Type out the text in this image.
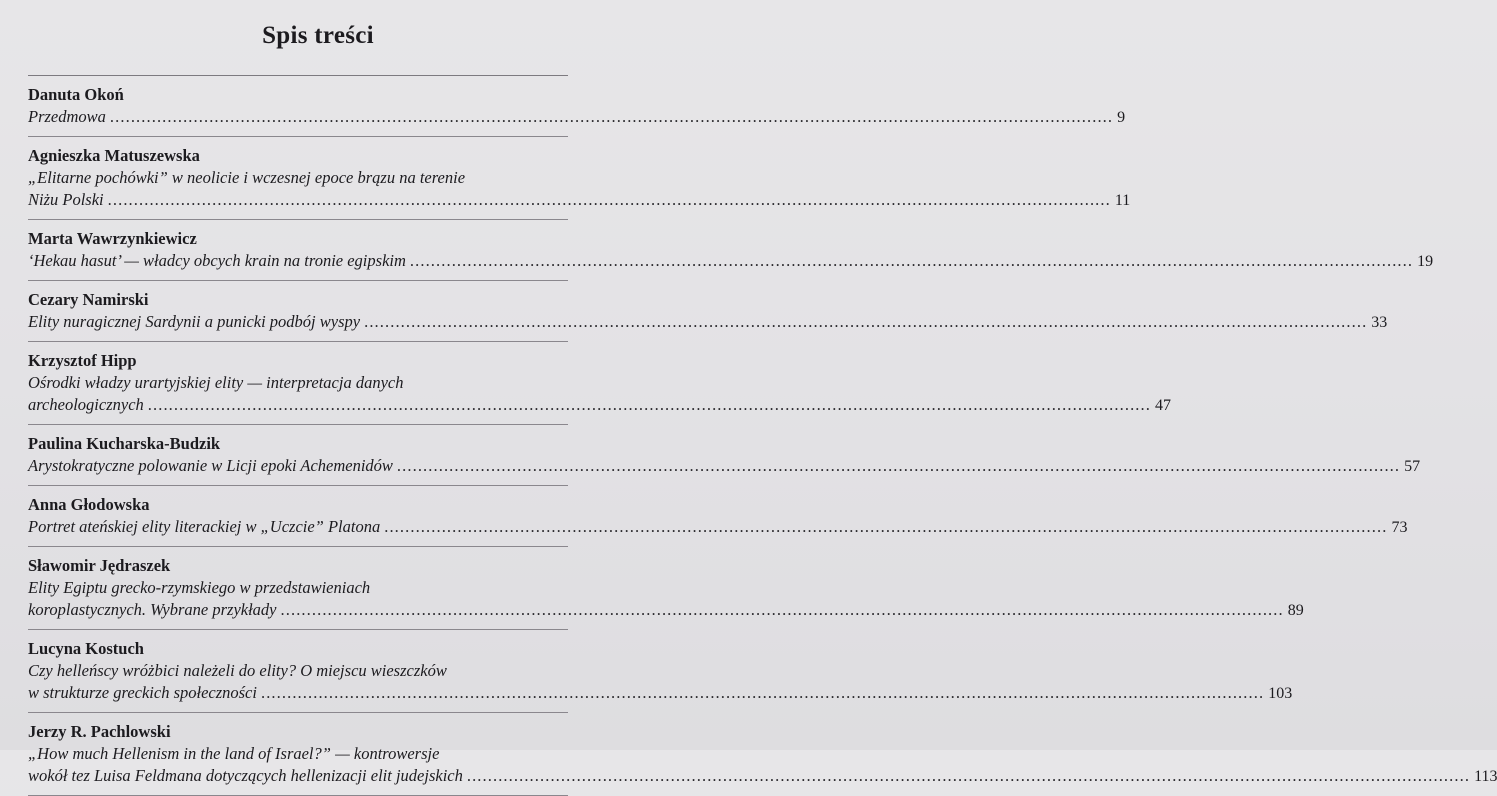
Spis treści
Danuta Okoń
Przedmowa .....	9
Agnieszka Matuszewska
„Elitarne pochówki” w neolicie i wczesnej epoce brązu na terenie
Niżu Polski .....	11
Marta Wawrzynkiewicz
‘Hekau hasut’ — władcy obcych krain na tronie egipskim .....	19
Cezary Namirski
Elity nuragicznej Sardynii a punicki podbój wyspy .....	33
Krzysztof Hipp
Ośrodki władzy urartyjskiej elity — interpretacja danych
archeologicznych .....	47
Paulina Kucharska-Budzik
Arystokratyczne polowanie w Licji epoki Achemenidów .....	57
Anna Głodowska
Portret ateńskiej elity literackiej w „Uczcie” Platona .....	73
Sławomir Jędraszek
Elity Egiptu grecko-rzymskiego w przedstawieniach
koroplastycznych. Wybrane przykłady .....	89
Lucyna Kostuch
Czy helleńscy wróżbici należeli do elity? O miejscu wieszczków
w strukturze greckich społeczności .....	103
Jerzy R. Pachlowski
„How much Hellenism in the land of Israel?” — kontrowersje
wokół tez Luisa Feldmana dotyczących hellenizacji elit judejskich .....	113
